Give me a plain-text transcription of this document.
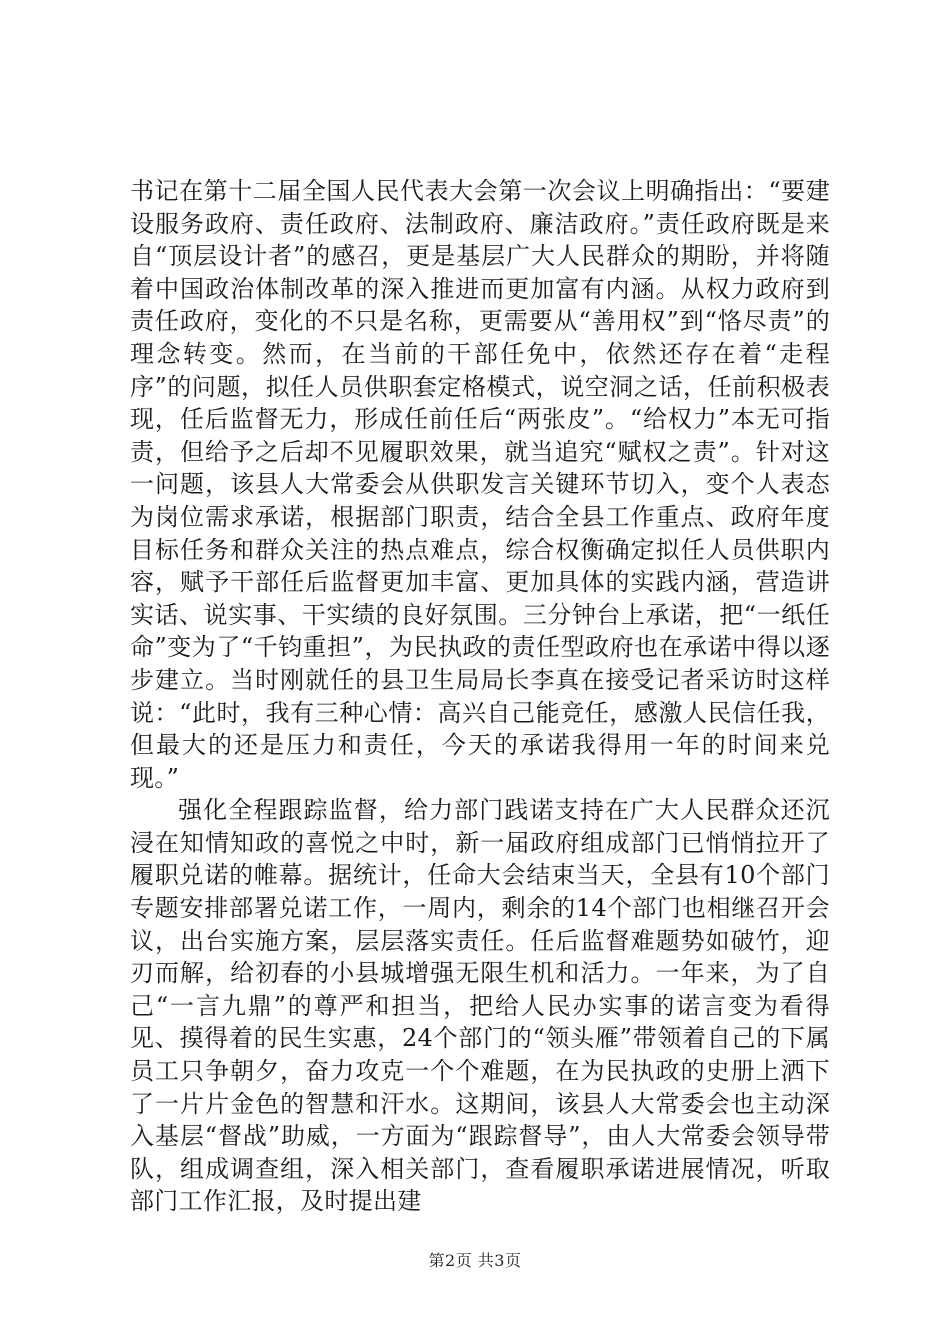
书记在第十二届全国人民代表大会第一次会议上明确指出：“要建设服务政府、责任政府、法制政府、廉洁政府。”责任政府既是来自“顶层设计者”的感召，更是基层广大人民群众的期盼，并将随着中国政治体制改革的深入推进而更加富有内涵。从权力政府到责任政府，变化的不只是名称，更需要从“善用权”到“恪尽责”的理念转变。然而，在当前的干部任免中，依然还存在着“走程序”的问题，拟任人员供职套定格模式，说空洞之话，任前积极表现，任后监督无力，形成任前任后“两张皮”。“给权力”本无可指责，但给予之后却不见履职效果，就当追究“赋权之责”。针对这一问题，该县人大常委会从供职发言关键环节切入，变个人表态为岗位需求承诺，根据部门职责，结合全县工作重点、政府年度目标任务和群众关注的热点难点，综合权衡确定拟任人员供职内容，赋予干部任后监督更加丰富、更加具体的实践内涵，营造讲实话、说实事、干实绩的良好氛围。三分钟台上承诺，把“一纸任命”变为了“千钧重担”，为民执政的责任型政府也在承诺中得以逐步建立。当时刚就任的县卫生局局长李真在接受记者采访时这样说：“此时，我有三种心情：高兴自己能竞任，感激人民信任我，但最大的还是压力和责任，今天的承诺我得用一年的时间来兑现。”

强化全程跟踪监督，给力部门践诺支持在广大人民群众还沉浸在知情知政的喜悦之中时，新一届政府组成部门已悄悄拉开了履职兑诺的帷幕。据统计，任命大会结束当天，全县有10个部门专题安排部署兑诺工作，一周内，剩余的14个部门也相继召开会议，出台实施方案，层层落实责任。任后监督难题势如破竹，迎刃而解，给初春的小县城增强无限生机和活力。一年来，为了自己“一言九鼎”的尊严和担当，把给人民办实事的诺言变为看得见、摸得着的民生实惠，24个部门的“领头雁”带领着自己的下属员工只争朝夕，奋力攻克一个个难题，在为民执政的史册上洒下了一片片金色的智慧和汗水。这期间，该县人大常委会也主动深入基层“督战”助威，一方面为“跟踪督导”，由人大常委会领导带队，组成调查组，深入相关部门，查看履职承诺进展情况，听取部门工作汇报，及时提出建

第2页 共3页
